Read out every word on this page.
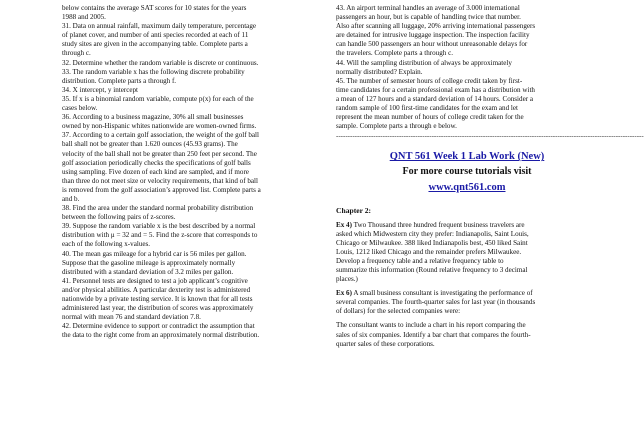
below contains the average SAT scores for 10 states for the years
1988 and 2005.
31. Data on annual rainfall, maximum daily temperature, percentage
of planet cover, and number of anti species recorded at each of 11
study sites are given in the accompanying table. Complete parts a
through c.
32. Determine whether the random variable is discrete or continuous.
33. The random variable x has the following discrete probability
distribution. Complete parts a through f.
34. X intercept, y intercept
35. If x is a binomial random variable, compute p(x) for each of the
cases below.
36. According to a business magazine, 30% all small businesses
owned by non-Hispanic whites nationwide are women-owned firms.
37. According to a certain golf association, the weight of the golf ball
ball shall not be greater than 1.620 ounces (45.93 grams). The
velocity of the ball shall not be greater than 250 feet per second. The
golf association periodically checks the specifications of golf balls
using sampling. Five dozen of each kind are sampled, and if more
than three do not meet size or velocity requirements, that kind of ball
is removed from the golf association’s approved list. Complete parts a
and b.
38. Find the area under the standard normal probability distribution
between the following pairs of z-scores.
39. Suppose the random variable x is the best described by a normal
distribution with μ = 32 and = 5. Find the z-score that corresponds to
each of the following x-values.
40. The mean gas mileage for a hybrid car is 56 miles per gallon.
Suppose that the gasoline mileage is approximately normally
distributed with a standard deviation of 3.2 miles per gallon.
41. Personnel tests are designed to test a job applicant’s cognitive
and/or physical abilities. A particular dexterity test is administered
nationwide by a private testing service. It is known that for all tests
administered last year, the distribution of scores was approximately
normal with mean 76 and standard deviation 7.8.
42. Determine evidence to support or contradict the assumption that
the data to the right come from an approximately normal distribution.
43. An airport terminal handles an average of 3.000 international
passengers an hour, but is capable of handling twice that number.
Also after scanning all luggage, 20% arriving international passengers
are detained for intrusive luggage inspection. The inspection facility
can handle 500 passengers an hour without unreasonable delays for
the travelers. Complete parts a through c.
44. Will the sampling distribution of always be approximately
normally distributed? Explain.
45. The number of semester hours of college credit taken by first-
time candidates for a certain professional exam has a distribution with
a mean of 127 hours and a standard deviation of 14 hours. Consider a
random sample of 100 first-time candidates for the exam and let
represent the mean number of hours of college credit taken for the
sample. Complete parts a through e below.
------------------------------------------------------------------------------------------------------------------------------------
QNT 561 Week 1 Lab Work (New)
For more course tutorials visit
www.qnt561.com
Chapter 2:
Ex 4) Two Thousand three hundred frequent business travelers are
asked which Midwestern city they prefer: Indianapolis, Saint Louis,
Chicago or Milwaukee. 388 liked Indianapolis best, 450 liked Saint
Louis, 1212 liked Chicago and the remainder prefers Milwaukee.
Develop a frequency table and a relative frequency table to
summarize this information (Round relative frequency to 3 decimal
places.)
Ex 6) A small business consultant is investigating the performance of
several companies. The fourth-quarter sales for last year (in thousands
of dollars) for the selected companies were:
The consultant wants to include a chart in his report comparing the
sales of six companies. Identify a bar chart that compares the fourth-
quarter sales of these corporations.
